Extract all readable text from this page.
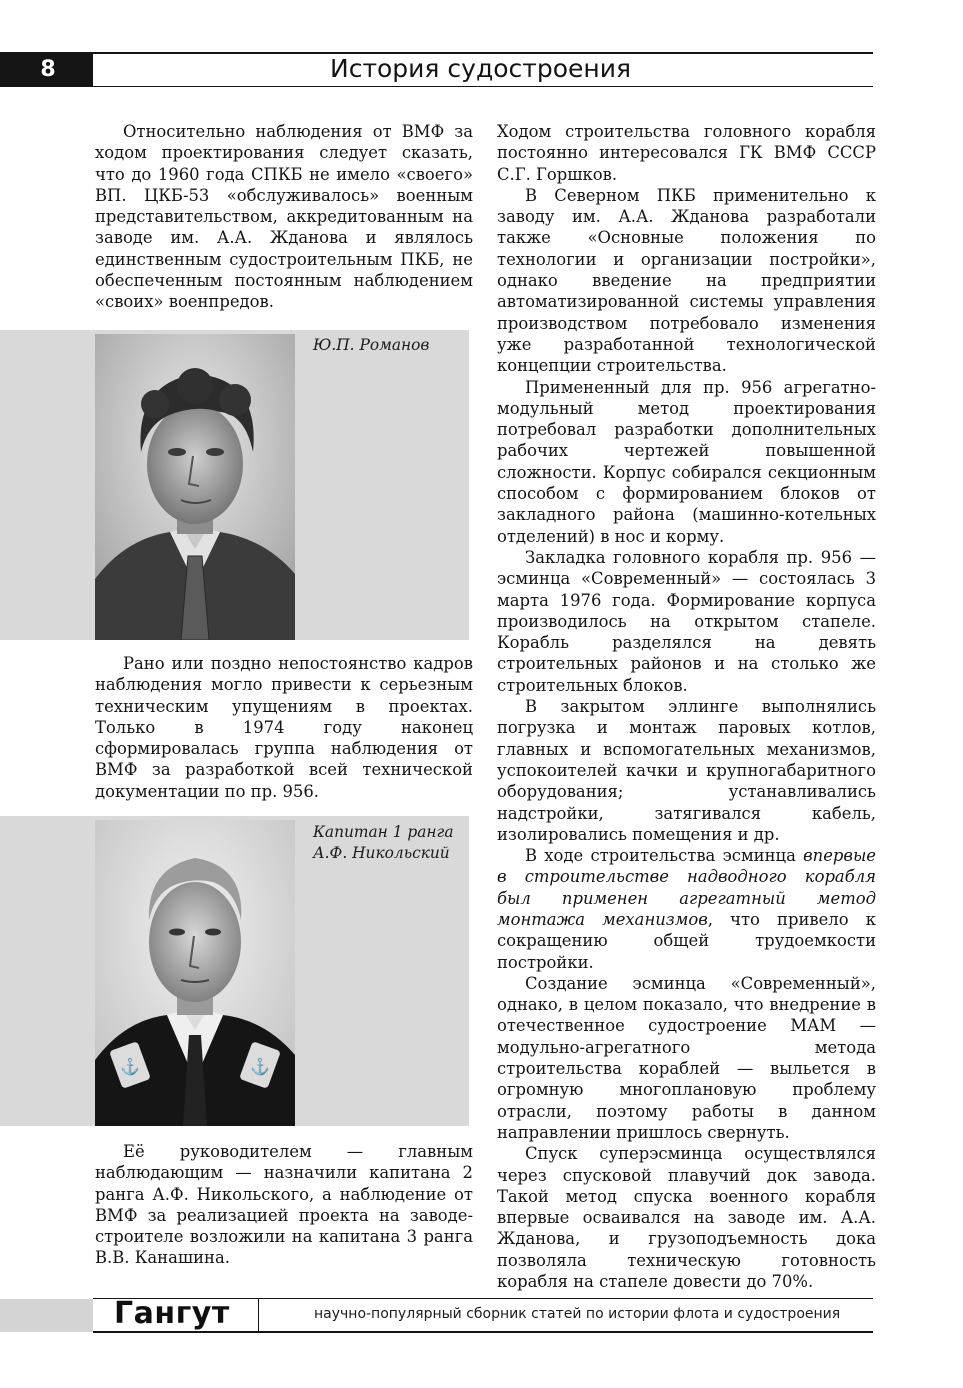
8	История судостроения

Относительно наблюдения от ВМФ за ходом проектирования следует сказать, что до 1960 года СПКБ не имело «своего» ВП. ЦКБ-53 «обслуживалось» военным представительством, аккредитованным на заводе им. А.А. Жданова и являлось единственным судостроительным ПКБ, не обеспеченным постоянным наблюдением «своих» военпредов.

Ю.П. Романов

Рано или поздно непостоянство кадров наблюдения могло привести к серьезным техническим упущениям в проектах. Только в 1974 году наконец сформировалась группа наблюдения от ВМФ за разработкой всей технической документации по пр. 956.

⚓	⚓
Капитан 1 ранга
А.Ф. Никольский

Её руководителем — главным наблюдающим — назначили капитана 2 ранга А.Ф. Никольского, а наблюдение от ВМФ за реализацией проекта на заводе-строителе возложили на капитана 3 ранга В.В. Канашина.

Ходом строительства головного корабля постоянно интересовался ГК ВМФ СССР С.Г. Горшков.

В Северном ПКБ применительно к заводу им. А.А. Жданова разработали также «Основные положения по технологии и организации постройки», однако введение на предприятии автоматизированной системы управления производством потребовало изменения уже разработанной технологической концепции строительства.

Примененный для пр. 956 агрегатно-модульный метод проектирования потребовал разработки дополнительных рабочих чертежей повышенной сложности. Корпус собирался секционным способом с формированием блоков от закладного района (машинно-котельных отделений) в нос и корму.

Закладка головного корабля пр. 956 — эсминца «Современный» — состоялась 3 марта 1976 года. Формирование корпуса производилось на открытом стапеле. Корабль разделялся на девять строительных районов и на столько же строительных блоков.

В закрытом эллинге выполнялись погрузка и монтаж паровых котлов, главных и вспомогательных механизмов, успокоителей качки и крупногабаритного оборудования; устанавливались надстройки, затягивался кабель, изолировались помещения и др.

В ходе строительства эсминца впервые в строительстве надводного корабля был применен агрегатный метод монтажа механизмов, что привело к сокращению общей трудоемкости постройки.

Создание эсминца «Современный», однако, в целом показало, что внедрение в отечественное судостроение МАМ — модульно-агрегатного метода строительства кораблей — выльется в огромную многоплановую проблему отрасли, поэтому работы в данном направлении пришлось свернуть.

Спуск суперэсминца осуществлялся через спусковой плавучий док завода. Такой метод спуска военного корабля впервые осваивался на заводе им. А.А. Жданова, и грузоподъемность дока позволяла техническую готовность корабля на стапеле довести до 70%.

Гангут	научно-популярный сборник статей по истории флота и судостроения
